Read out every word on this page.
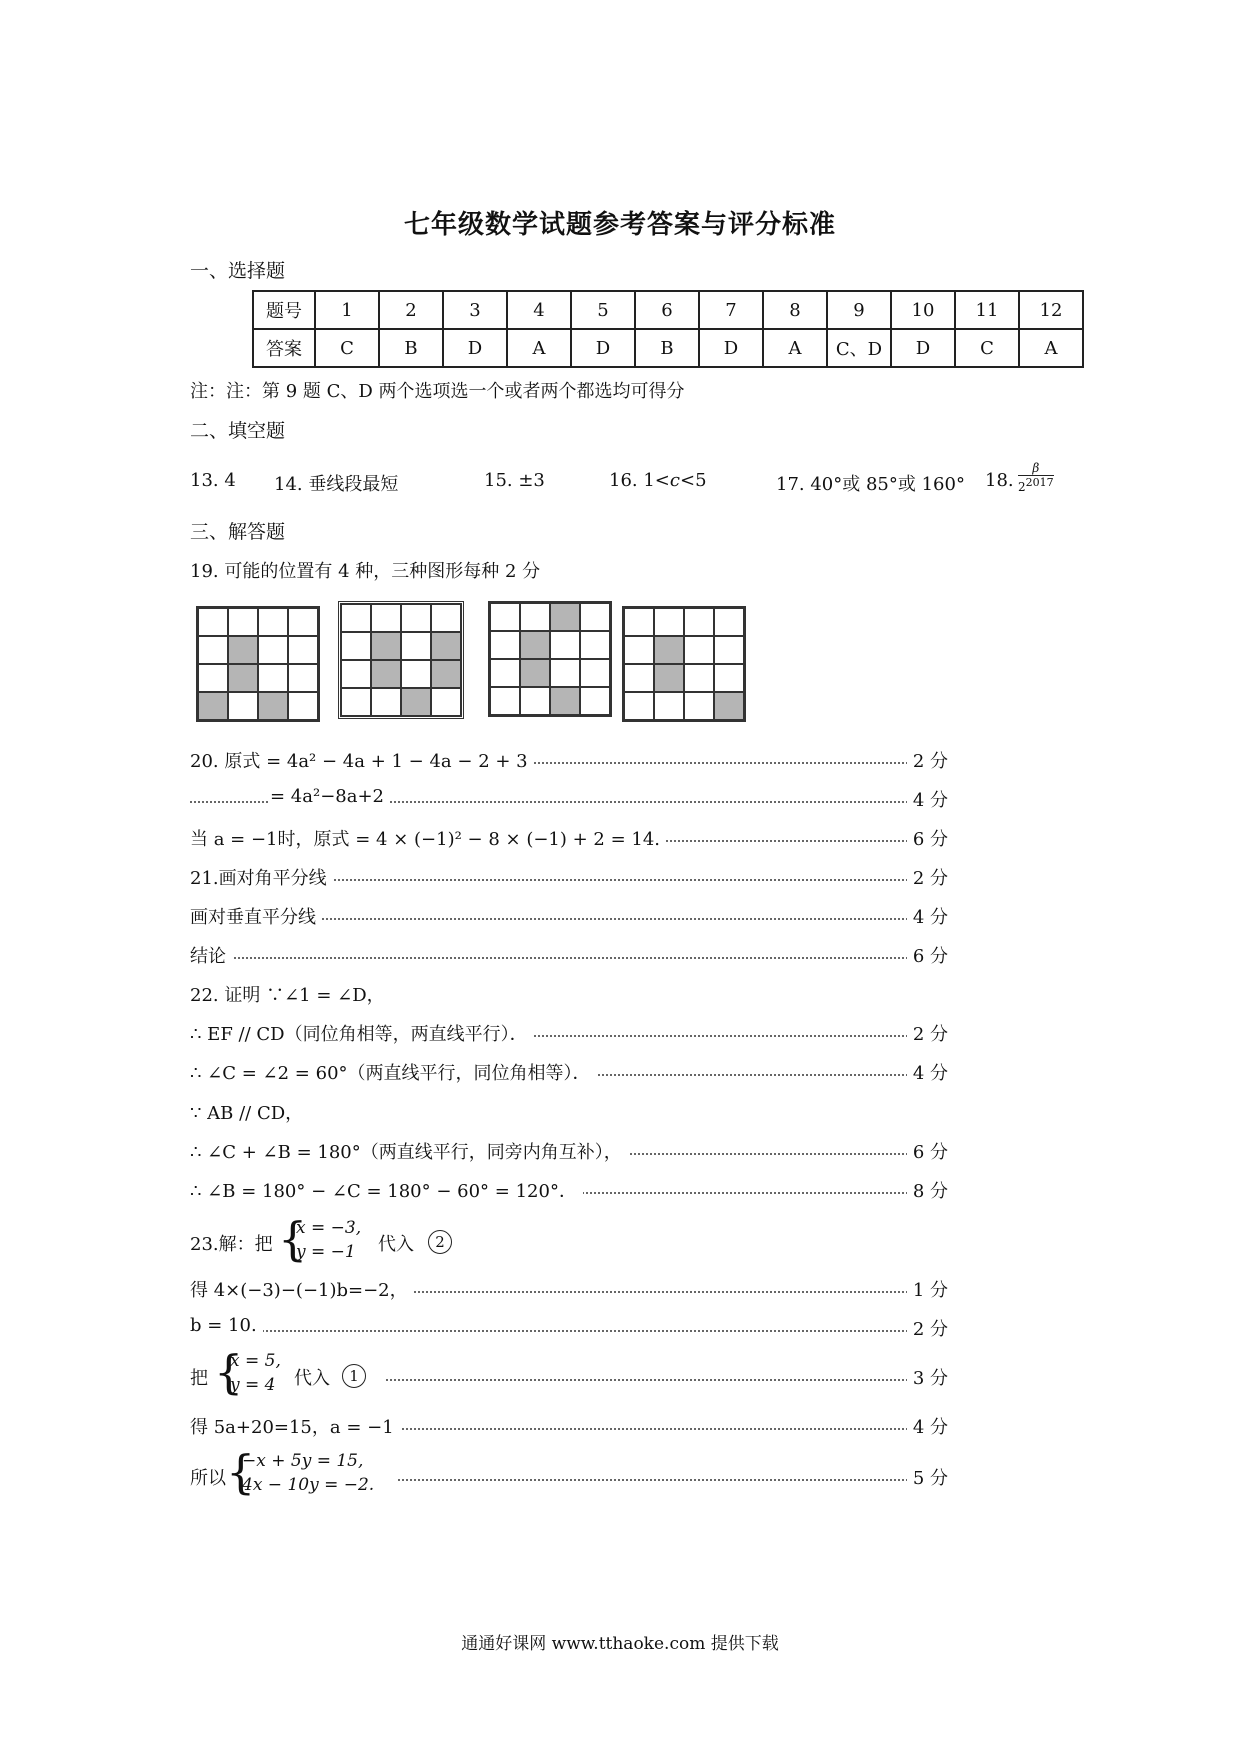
七年级数学试题参考答案与评分标准
一、选择题
题号	1	2	3	4	5	6	7	8	9	10	11	12
答案	C	B	D	A	D	B	D	A	C、D	D	C	A
注：注：第 9 题 C、D 两个选项选一个或者两个都选均可得分
二、填空题
13. 4 14. 垂线段最短	15. ±3	16. 1<c<5	17. 40°或 85°或 160° 18. $\frac{\beta}{2^{2017}}$
三、解答题
19. 可能的位置有 4 种，三种图形每种 2 分
20. 原式 = 4a² − 4a + 1 − 4a − 2 + 3	2 分
= 4a²−8a+2	4 分
当 a = −1时，原式 = 4 × (−1)² − 8 × (−1) + 2 = 14.	6 分
21.画对角平分线	2 分
画对垂直平分线	4 分
结论	6 分
22. 证明 ∵∠1 = ∠D，
∴ EF // CD（同位角相等，两直线平行）．	2 分
∴ ∠C = ∠2 = 60°（两直线平行，同位角相等）．	4 分
∵ AB // CD，
∴ ∠C + ∠B = 180°（两直线平行，同旁内角互补），	6 分
∴ ∠B = 180° − ∠C = 180° − 60° = 120°．	8 分
23.解：把 {
x = −3,
y = −1 代入	2
得 4×(−3)−(−1)b=−2，	1 分
b = 10.	2 分
把 {
x = 5,
y = 4 代入	1	3 分
得 5a+20=15，a = −1	4 分
所以 {
−x + 5y = 15,
4x − 10y = −2.	5 分
通通好课网 www.tthaoke.com 提供下载
